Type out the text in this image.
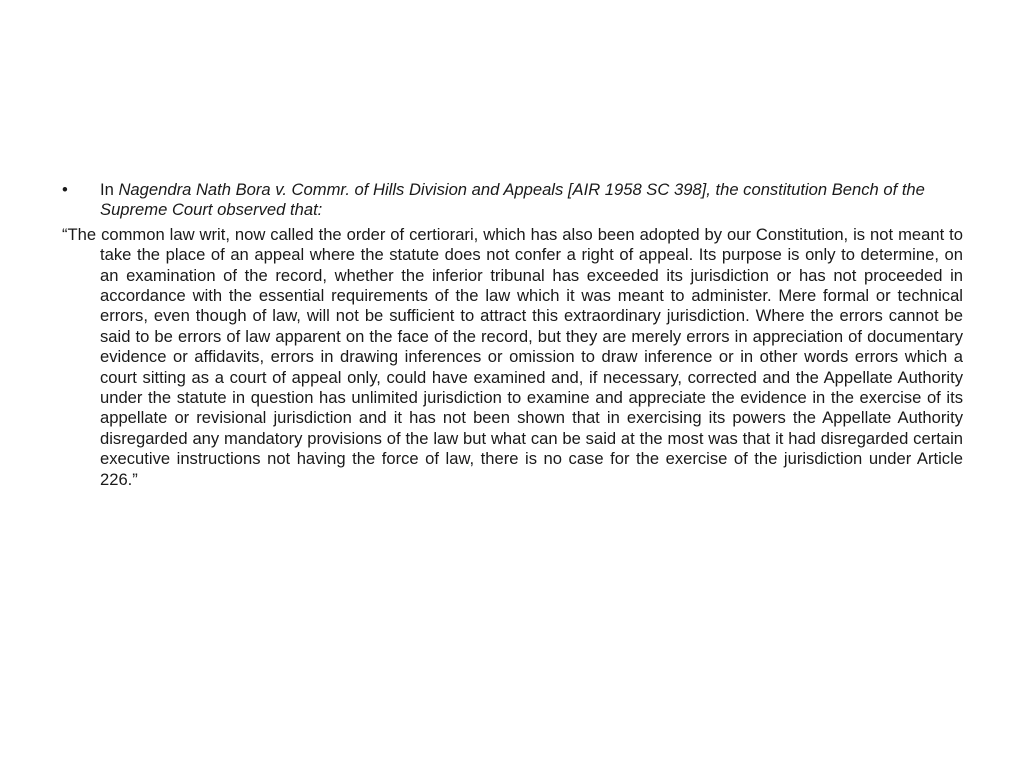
•	In Nagendra Nath Bora v. Commr. of Hills Division and Appeals [AIR 1958 SC 398], the constitution Bench of the Supreme Court observed that:

“The common law writ, now called the order of certiorari, which has also been adopted by our Constitution, is not meant to take the place of an appeal where the statute does not confer a right of appeal. Its purpose is only to determine, on an examination of the record, whether the inferior tribunal has exceeded its jurisdiction or has not proceeded in accordance with the essential requirements of the law which it was meant to administer. Mere formal or technical errors, even though of law, will not be sufficient to attract this extraordinary jurisdiction. Where the errors cannot be said to be errors of law apparent on the face of the record, but they are merely errors in appreciation of documentary evidence or affidavits, errors in drawing inferences or omission to draw inference or in other words errors which a court sitting as a court of appeal only, could have examined and, if necessary, corrected and the Appellate Authority under the statute in question has unlimited jurisdiction to examine and appreciate the evidence in the exercise of its appellate or revisional jurisdiction and it has not been shown that in exercising its powers the Appellate Authority disregarded any mandatory provisions of the law but what can be said at the most was that it had disregarded certain executive instructions not having the force of law, there is no case for the exercise of the jurisdiction under Article 226.”
